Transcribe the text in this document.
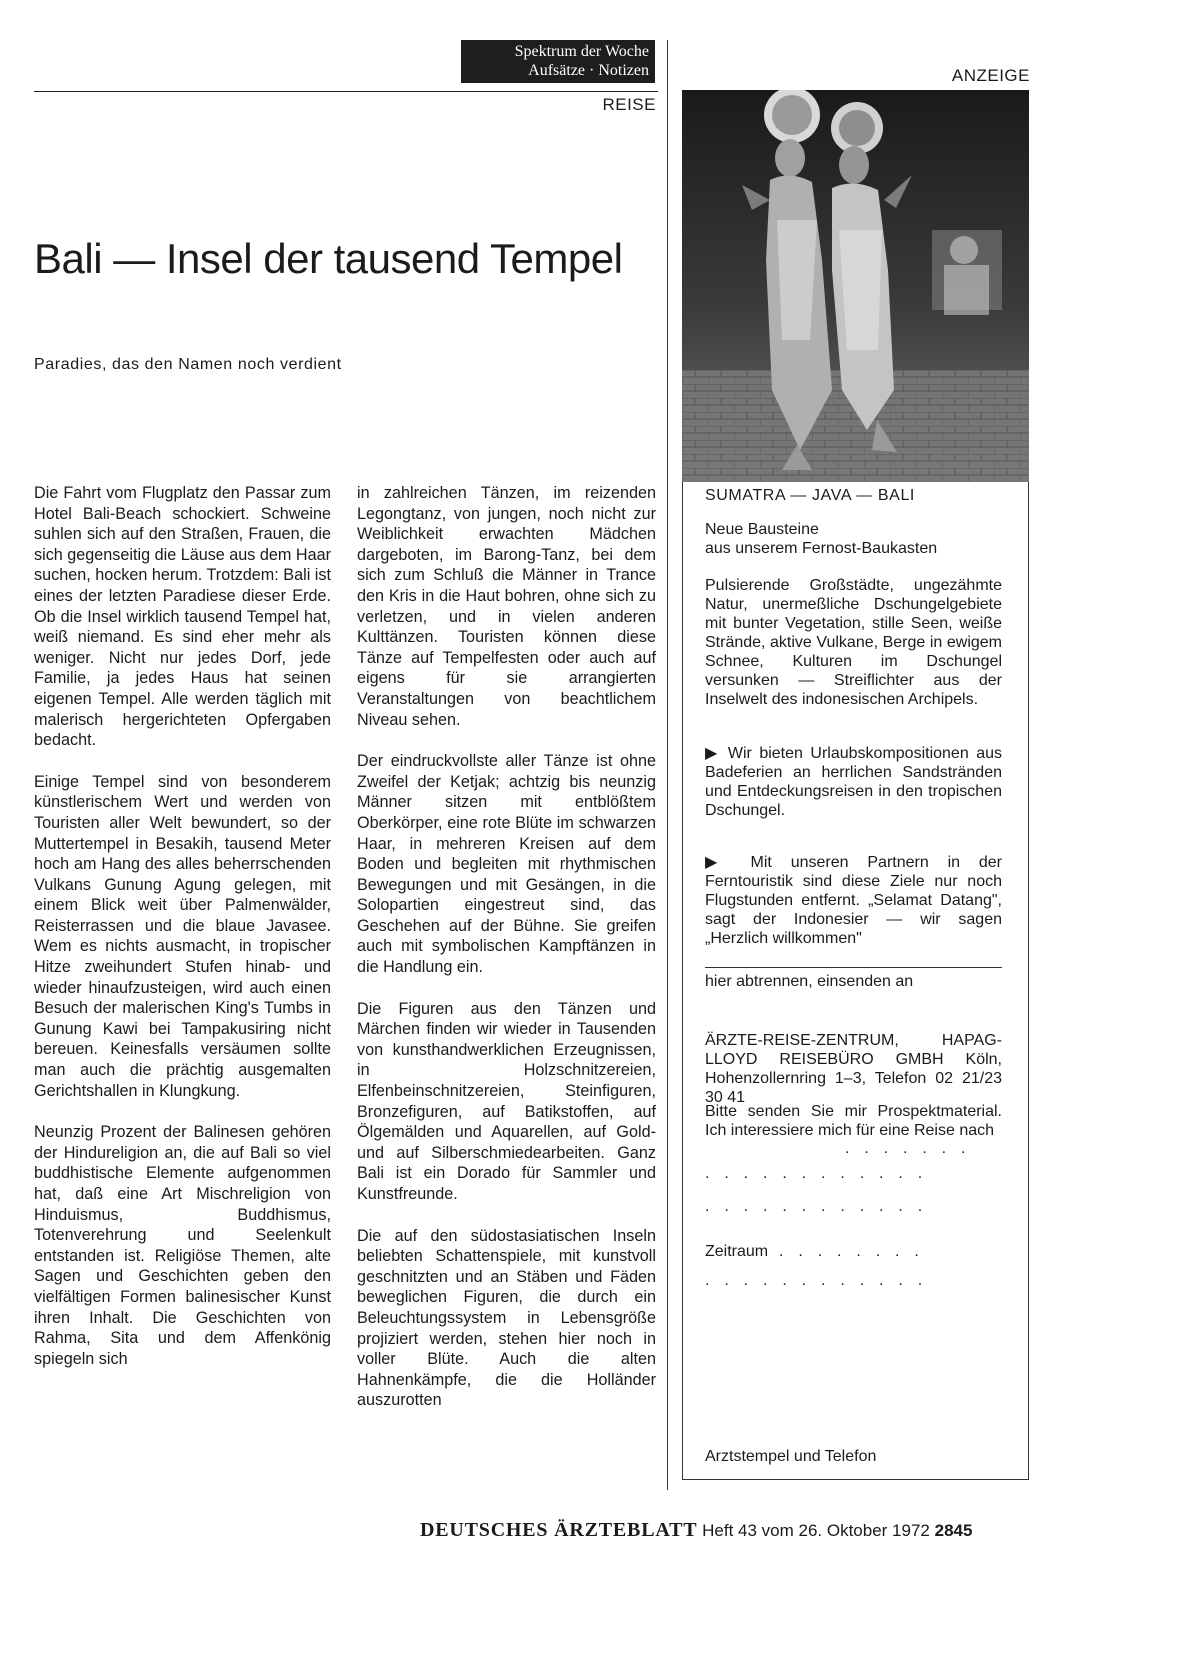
Spektrum der Woche
Aufsätze · Notizen
REISE
ANZEIGE
Bali — Insel der tausend Tempel
Paradies, das den Namen noch verdient

Die Fahrt vom Flugplatz den Passar zum Hotel Bali-Beach schockiert. Schweine suhlen sich auf den Straßen, Frauen, die sich gegenseitig die Läuse aus dem Haar suchen, hocken herum. Trotzdem: Bali ist eines der letzten Paradiese dieser Erde. Ob die Insel wirklich tausend Tempel hat, weiß niemand. Es sind eher mehr als weniger. Nicht nur jedes Dorf, jede Familie, ja jedes Haus hat seinen eigenen Tempel. Alle werden täglich mit malerisch hergerichteten Opfergaben bedacht.

Einige Tempel sind von besonderem künstlerischem Wert und werden von Touristen aller Welt bewundert, so der Muttertempel in Besakih, tausend Meter hoch am Hang des alles beherrschenden Vulkans Gunung Agung gelegen, mit einem Blick weit über Palmenwälder, Reisterrassen und die blaue Javasee. Wem es nichts ausmacht, in tropischer Hitze zweihundert Stufen hinab- und wieder hinaufzusteigen, wird auch einen Besuch der malerischen King's Tumbs in Gunung Kawi bei Tampakusiring nicht bereuen. Keinesfalls versäumen sollte man auch die prächtig ausgemalten Gerichtshallen in Klungkung.

Neunzig Prozent der Balinesen gehören der Hindureligion an, die auf Bali so viel buddhistische Elemente aufgenommen hat, daß eine Art Mischreligion von Hinduismus, Buddhismus, Totenverehrung und Seelenkult entstanden ist. Religiöse Themen, alte Sagen und Geschichten geben den vielfältigen Formen balinesischer Kunst ihren Inhalt. Die Geschichten von Rahma, Sita und dem Affenkönig spiegeln sich

in zahlreichen Tänzen, im reizenden Legongtanz, von jungen, noch nicht zur Weiblichkeit erwachten Mädchen dargeboten, im Barong-Tanz, bei dem sich zum Schluß die Männer in Trance den Kris in die Haut bohren, ohne sich zu verletzen, und in vielen anderen Kulttänzen. Touristen können diese Tänze auf Tempelfesten oder auch auf eigens für sie arrangierten Veranstaltungen von beachtlichem Niveau sehen.

Der eindruckvollste aller Tänze ist ohne Zweifel der Ketjak; achtzig bis neunzig Männer sitzen mit entblößtem Oberkörper, eine rote Blüte im schwarzen Haar, in mehreren Kreisen auf dem Boden und begleiten mit rhythmischen Bewegungen und mit Gesängen, in die Solopartien eingestreut sind, das Geschehen auf der Bühne. Sie greifen auch mit symbolischen Kampftänzen in die Handlung ein.

Die Figuren aus den Tänzen und Märchen finden wir wieder in Tausenden von kunsthandwerklichen Erzeugnissen, in Holzschnitzereien, Elfenbeinschnitzereien, Steinfiguren, Bronzefiguren, auf Batikstoffen, auf Ölgemälden und Aquarellen, auf Gold- und auf Silberschmiedearbeiten. Ganz Bali ist ein Dorado für Sammler und Kunstfreunde.

Die auf den südostasiatischen Inseln beliebten Schattenspiele, mit kunstvoll geschnitzten und an Stäben und Fäden beweglichen Figuren, die durch ein Beleuchtungssystem in Lebensgröße projiziert werden, stehen hier noch in voller Blüte. Auch die alten Hahnenkämpfe, die die Holländer auszurotten

SUMATRA — JAVA — BALI

Neue Bausteine

aus unserem Fernost-Baukasten

Pulsierende Großstädte, ungezähmte Natur, unermeßliche Dschungelgebiete mit bunter Vegetation, stille Seen, weiße Strände, aktive Vulkane, Berge in ewigem Schnee, Kulturen im Dschungel versunken — Streiflichter aus der Inselwelt des indonesischen Archipels.
▶ Wir bieten Urlaubskompositionen aus Badeferien an herrlichen Sandstränden und Entdeckungsreisen in den tropischen Dschungel.
▶ Mit unseren Partnern in der Ferntouristik sind diese Ziele nur noch Flugstunden entfernt. „Selamat Datang", sagt der Indonesier — wir sagen „Herzlich willkommen"
hier abtrennen, einsenden an
ÄRZTE-REISE-ZENTRUM, HAPAG-LLOYD REISEBÜRO GMBH Köln, Hohenzollernring 1–3, Telefon 02 21/23 30 41
Bitte senden Sie mir Prospektmaterial. Ich interessiere mich für eine Reise nach
.  .  .  .  .  .  .
.  .  .  .  .  .  .  .  .  .  .  .
.  .  .  .  .  .  .  .  .  .  .  .
Zeitraum  .  .  .  .  .  .  .  .
.  .  .  .  .  .  .  .  .  .  .  .
Arztstempel und Telefon
DEUTSCHES ÄRZTEBLATT Heft 43 vom 26. Oktober 1972 2845
